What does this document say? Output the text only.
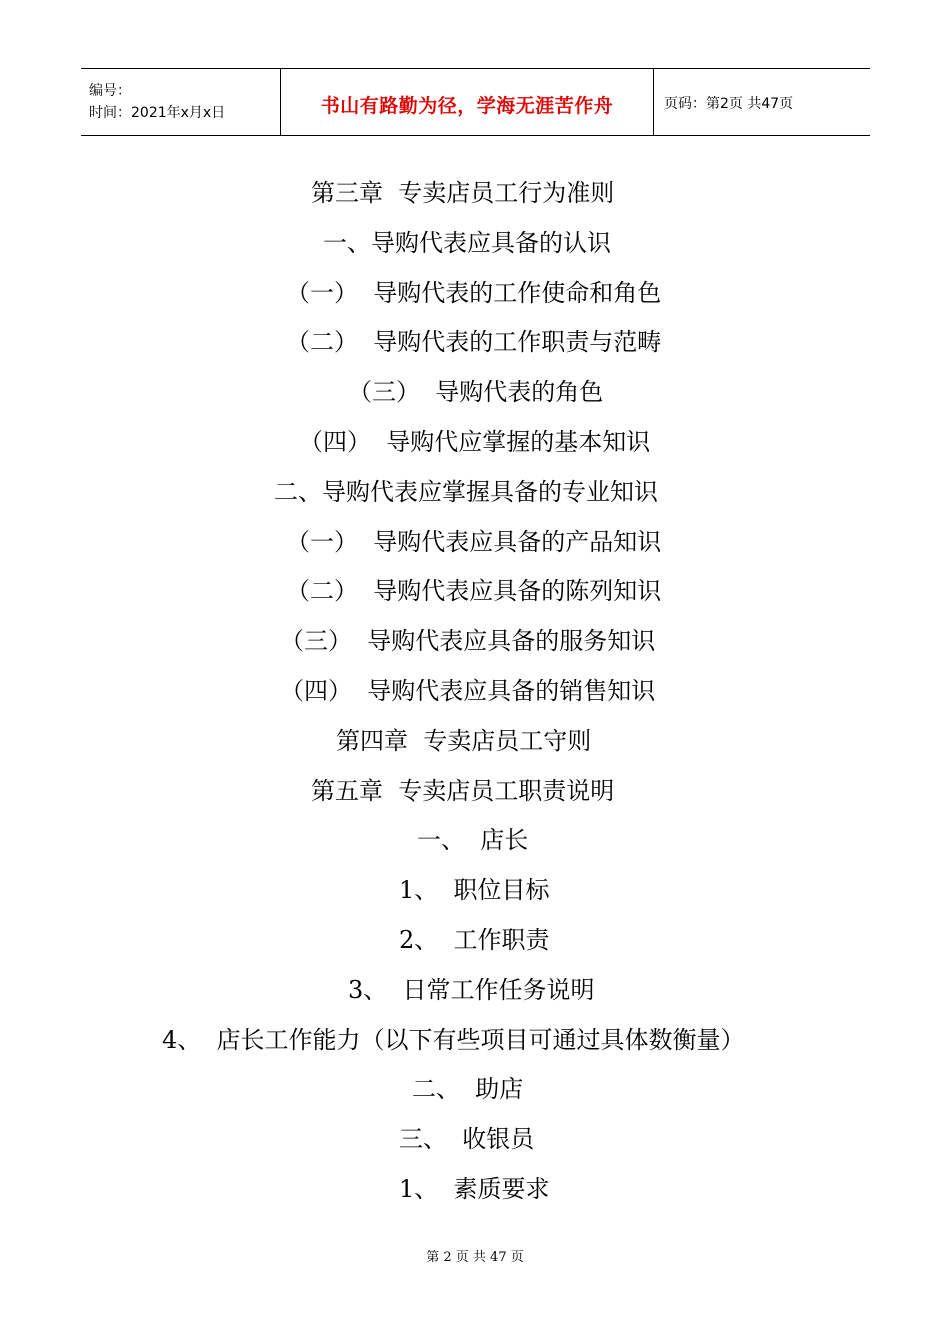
编号：
时间：2021年x月x日	书山有路勤为径，学海无涯苦作舟	页码：第2页 共47页
第三章  专卖店员工行为准则
一、导购代表应具备的认识
（一）  导购代表的工作使命和角色
（二）  导购代表的工作职责与范畴
（三）  导购代表的角色
（四）  导购代应掌握的基本知识
二、导购代表应掌握具备的专业知识
（一）  导购代表应具备的产品知识
（二）  导购代表应具备的陈列知识
（三）  导购代表应具备的服务知识
（四）  导购代表应具备的销售知识
第四章  专卖店员工守则
第五章  专卖店员工职责说明
一、  店长
1、  职位目标
2、  工作职责
3、  日常工作任务说明
4、  店长工作能力（以下有些项目可通过具体数衡量）
二、  助店
三、  收银员
1、  素质要求
第 2 页 共 47 页
